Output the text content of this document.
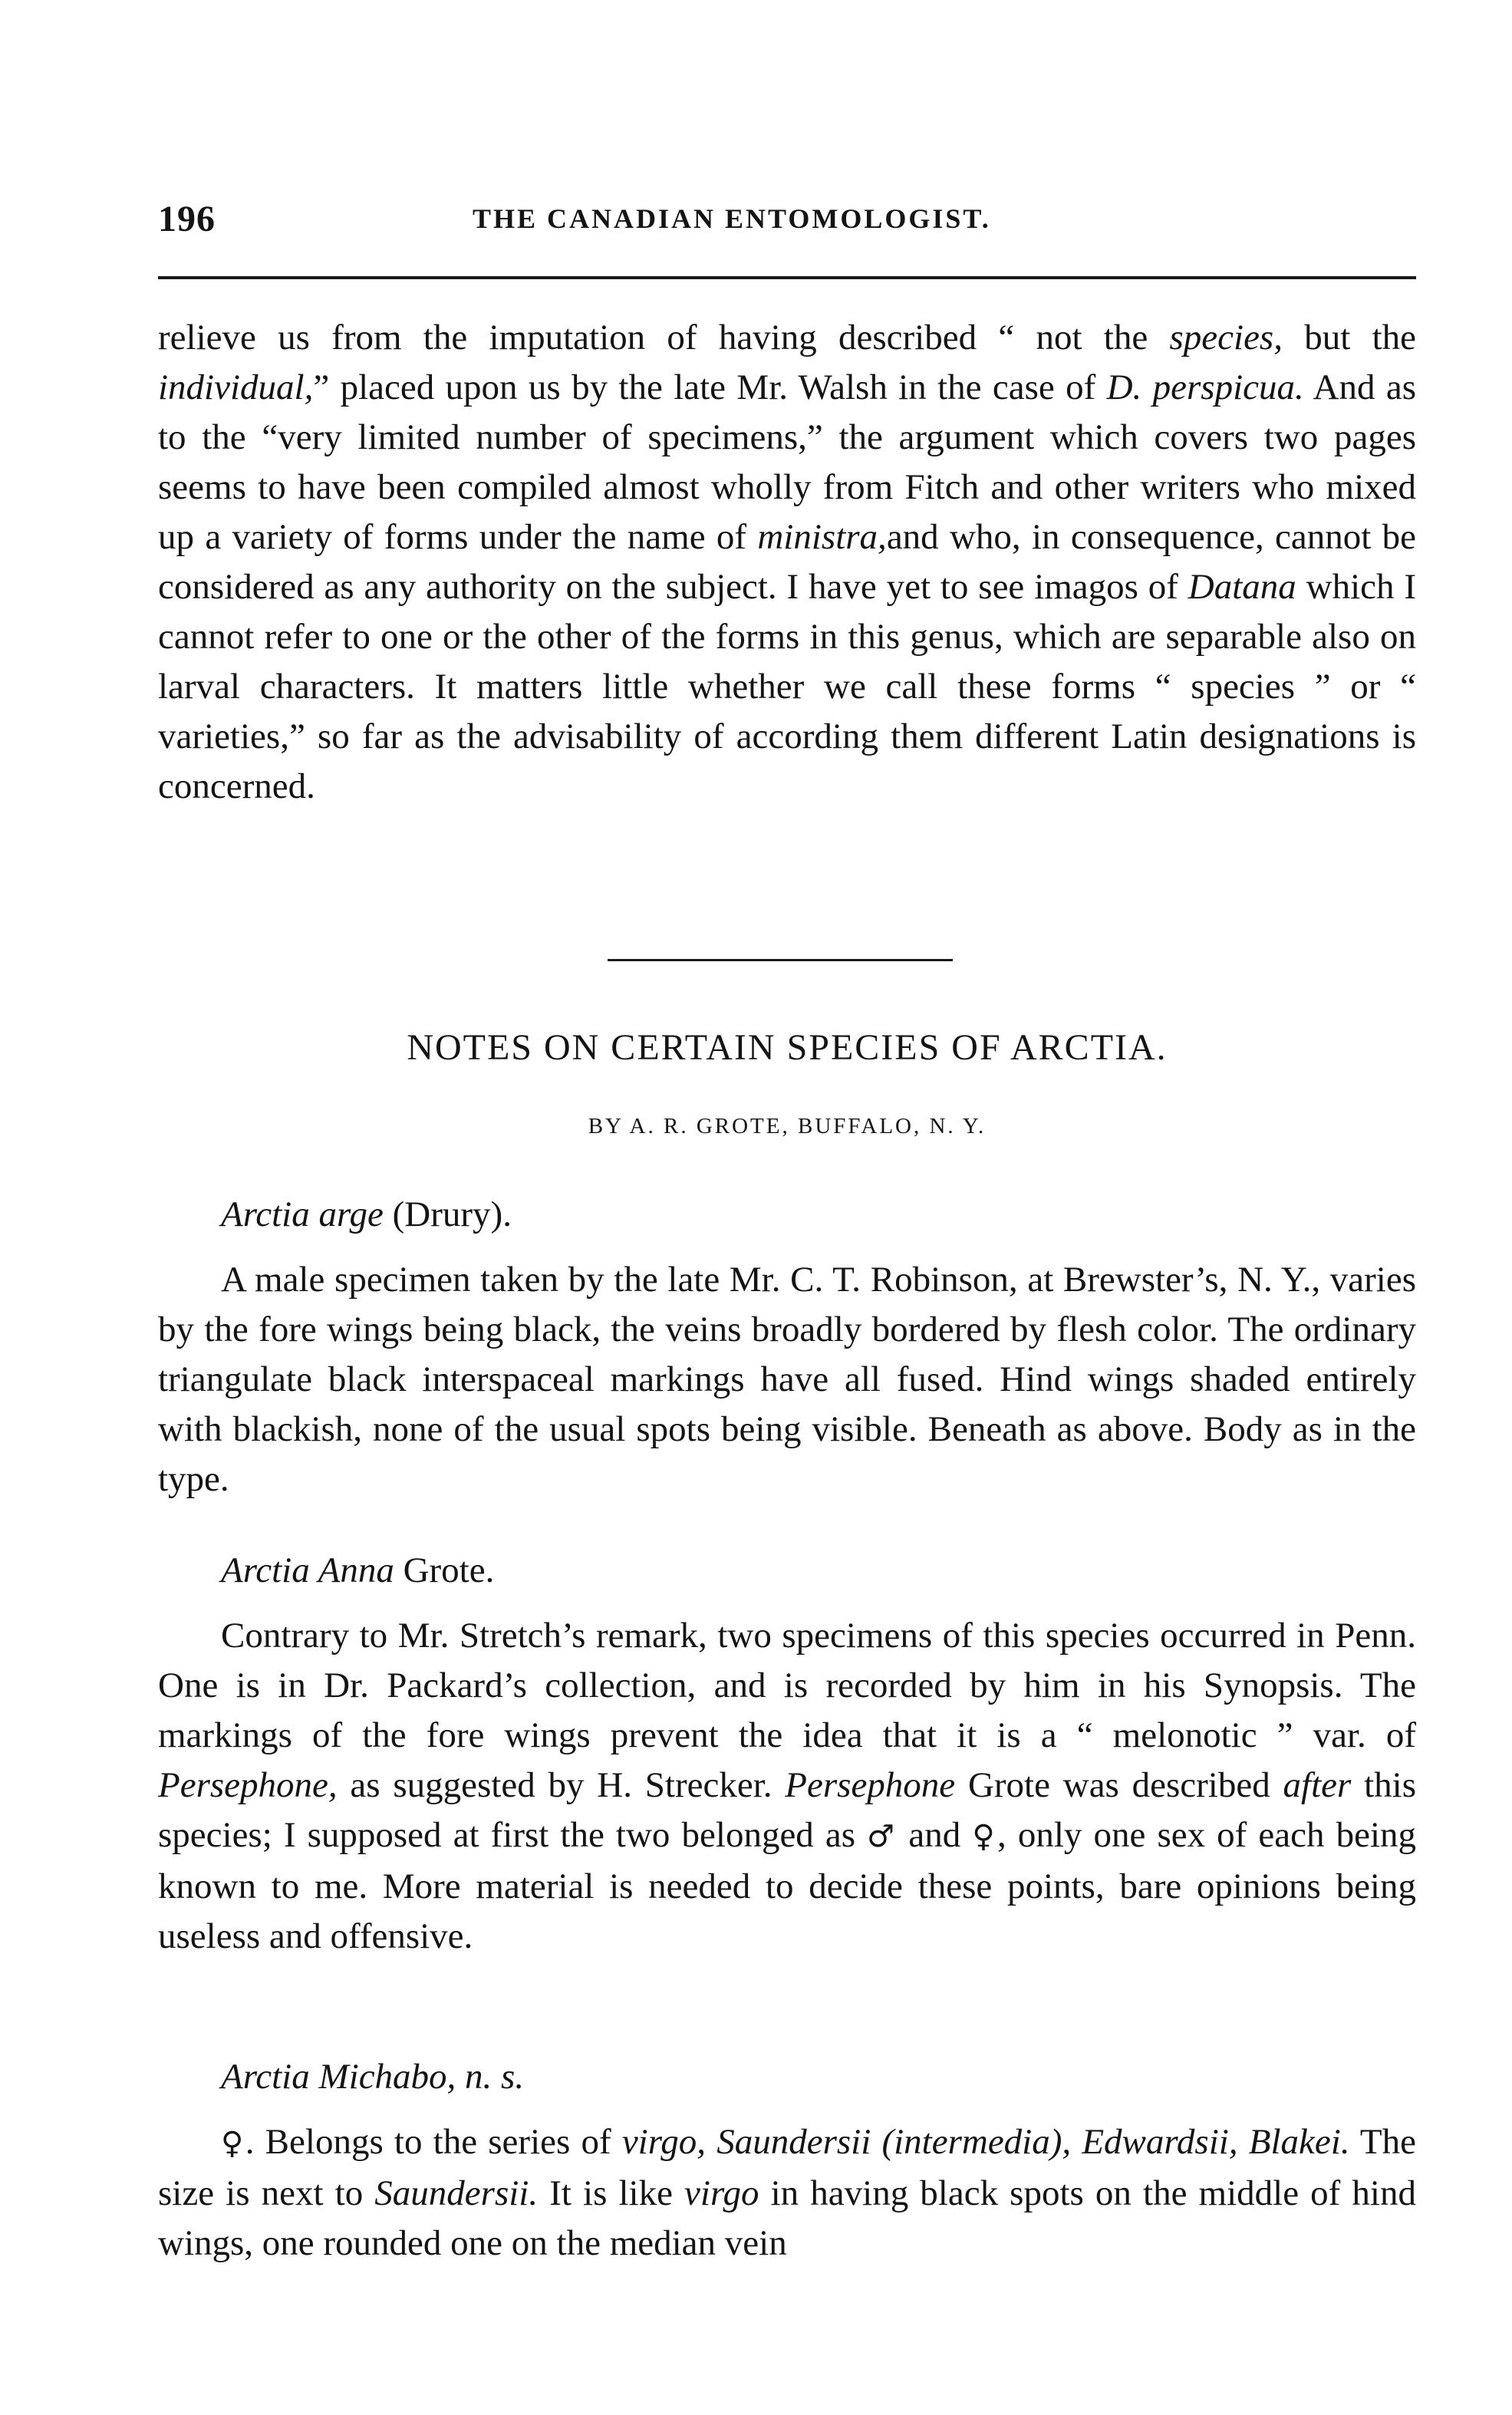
196	THE CANADIAN ENTOMOLOGIST.

relieve us from the imputation of having described “ not the species, but the individual,” placed upon us by the late Mr. Walsh in the case of D. perspicua. And as to the “very limited number of specimens,” the argument which covers two pages seems to have been compiled almost wholly from Fitch and other writers who mixed up a variety of forms under the name of ministra,and who, in consequence, cannot be considered as any authority on the subject. I have yet to see imagos of Datana which I cannot refer to one or the other of the forms in this genus, which are separable also on larval characters. It matters little whether we call these forms “ species ” or “ varieties,” so far as the advisability of according them different Latin designations is concerned.

NOTES ON CERTAIN SPECIES OF ARCTIA.

BY A. R. GROTE, BUFFALO, N. Y.

Arctia arge (Drury).

A male specimen taken by the late Mr. C. T. Robinson, at Brewster’s, N. Y., varies by the fore wings being black, the veins broadly bordered by flesh color. The ordinary triangulate black interspaceal markings have all fused. Hind wings shaded entirely with blackish, none of the usual spots being visible. Beneath as above. Body as in the type.

Arctia Anna Grote.

Contrary to Mr. Stretch’s remark, two specimens of this species occurred in Penn. One is in Dr. Packard’s collection, and is recorded by him in his Synopsis. The markings of the fore wings prevent the idea that it is a “ melonotic ” var. of Persephone, as suggested by H. Strecker. Persephone Grote was described after this species; I supposed at first the two belonged as ♂ and ♀, only one sex of each being known to me. More material is needed to decide these points, bare opinions being useless and offensive.

Arctia Michabo, n. s.

♀. Belongs to the series of virgo, Saundersii (intermedia), Edwardsii, Blakei. The size is next to Saundersii. It is like virgo in having black spots on the middle of hind wings, one rounded one on the median vein
